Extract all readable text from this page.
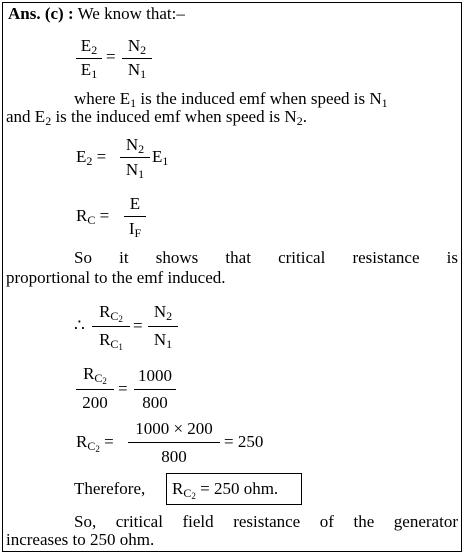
Ans. (c) : We know that:–
$E_2$
$E_1$
=
$N_2$
$N_1$
where $E_1$ is the induced emf when speed is $N_1$
and $E_2$ is the induced emf when speed is $N_2$.
$E_2$ =
$N_2$
$N_1$
$E_1$
$R_C$ =
E
$I_F$
So it shows that critical resistance is
proportional to the emf induced.
∴
$R_{C_2}$
$R_{C_1}$
=
$N_2$
$N_1$
$R_{C_2}$
200
=
1000
800
$R_{C_2}$ =
1000 × 200
800
= 250
Therefore, $R_{C_2} = 250$ ohm.
So, critical field resistance of the generator
increases to 250 ohm.
